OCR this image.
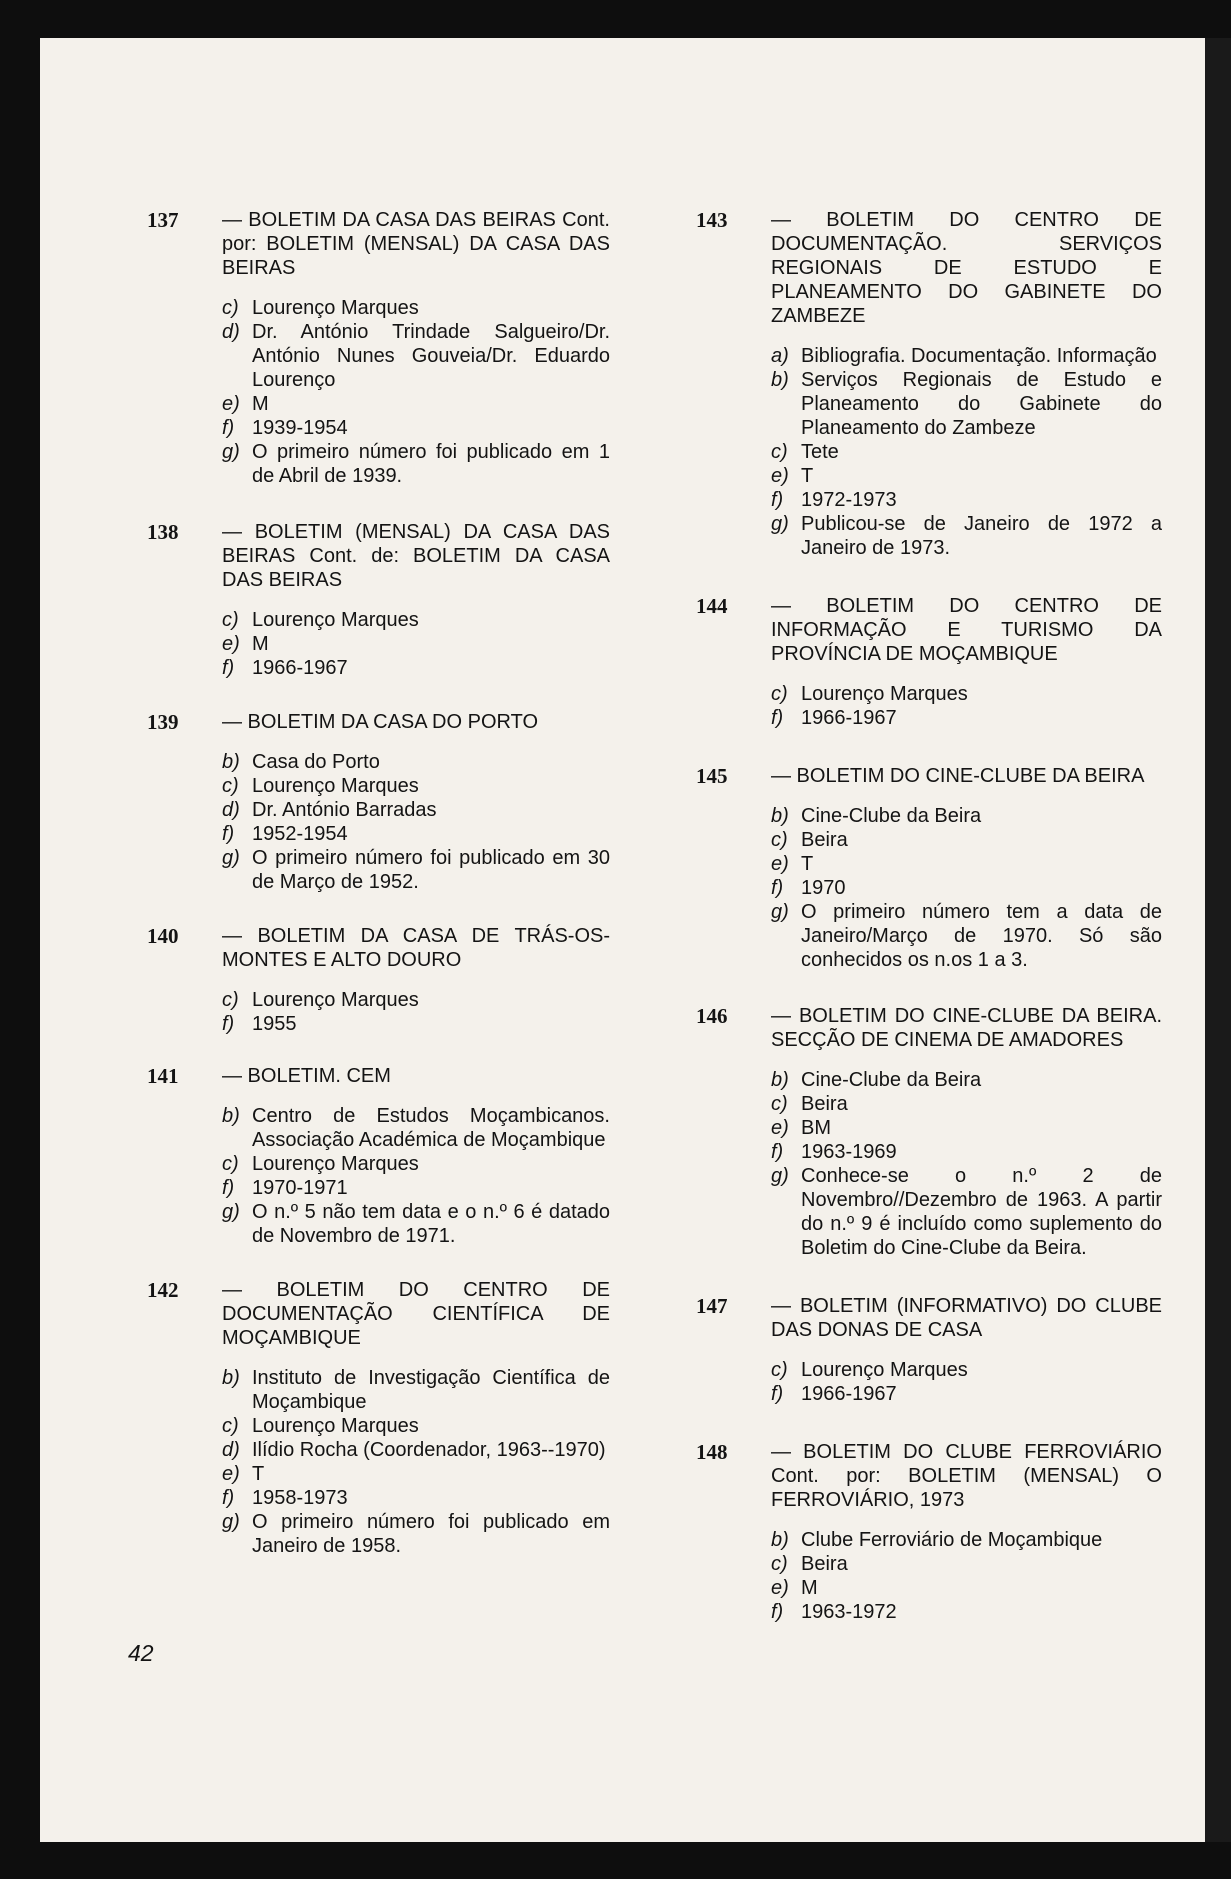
137 — BOLETIM DA CASA DAS BEIRAS Cont. por: BOLETIM (MENSAL) DA CASA DAS BEIRAS
c) Lourenço Marques
d) Dr. António Trindade Salgueiro/Dr. António Nunes Gouveia/Dr. Eduardo Lourenço
e) M
f) 1939-1954
g) O primeiro número foi publicado em 1 de Abril de 1939.
138 — BOLETIM (MENSAL) DA CASA DAS BEIRAS Cont. de: BOLETIM DA CASA DAS BEIRAS
c) Lourenço Marques
e) M
f) 1966-1967
139 — BOLETIM DA CASA DO PORTO
b) Casa do Porto
c) Lourenço Marques
d) Dr. António Barradas
f) 1952-1954
g) O primeiro número foi publicado em 30 de Março de 1952.
140 — BOLETIM DA CASA DE TRÁS-OS-MONTES E ALTO DOURO
c) Lourenço Marques
f) 1955
141 — BOLETIM. CEM
b) Centro de Estudos Moçambicanos. Associação Académica de Moçambique
c) Lourenço Marques
f) 1970-1971
g) O n.º 5 não tem data e o n.º 6 é datado de Novembro de 1971.
142 — BOLETIM DO CENTRO DE DOCUMENTAÇÃO CIENTÍFICA DE MOÇAMBIQUE
b) Instituto de Investigação Científica de Moçambique
c) Lourenço Marques
d) Ilídio Rocha (Coordenador, 1963--1970)
e) T
f) 1958-1973
g) O primeiro número foi publicado em Janeiro de 1958.
143 — BOLETIM DO CENTRO DE DOCUMENTAÇÃO. SERVIÇOS REGIONAIS DE ESTUDO E PLANEAMENTO DO GABINETE DO ZAMBEZE
a) Bibliografia. Documentação. Informação
b) Serviços Regionais de Estudo e Planeamento do Gabinete do Planeamento do Zambeze
c) Tete
e) T
f) 1972-1973
g) Publicou-se de Janeiro de 1972 a Janeiro de 1973.
144 — BOLETIM DO CENTRO DE INFORMAÇÃO E TURISMO DA PROVÍNCIA DE MOÇAMBIQUE
c) Lourenço Marques
f) 1966-1967
145 — BOLETIM DO CINE-CLUBE DA BEIRA
b) Cine-Clube da Beira
c) Beira
e) T
f) 1970
g) O primeiro número tem a data de Janeiro/Março de 1970. Só são conhecidos os n.os 1 a 3.
146 — BOLETIM DO CINE-CLUBE DA BEIRA. SECÇÃO DE CINEMA DE AMADORES
b) Cine-Clube da Beira
c) Beira
e) BM
f) 1963-1969
g) Conhece-se o n.º 2 de Novembro//Dezembro de 1963. A partir do n.º 9 é incluído como suplemento do Boletim do Cine-Clube da Beira.
147 — BOLETIM (INFORMATIVO) DO CLUBE DAS DONAS DE CASA
c) Lourenço Marques
f) 1966-1967
148 — BOLETIM DO CLUBE FERROVIÁRIO Cont. por: BOLETIM (MENSAL) O FERROVIÁRIO, 1973
b) Clube Ferroviário de Moçambique
c) Beira
e) M
f) 1963-1972
42
